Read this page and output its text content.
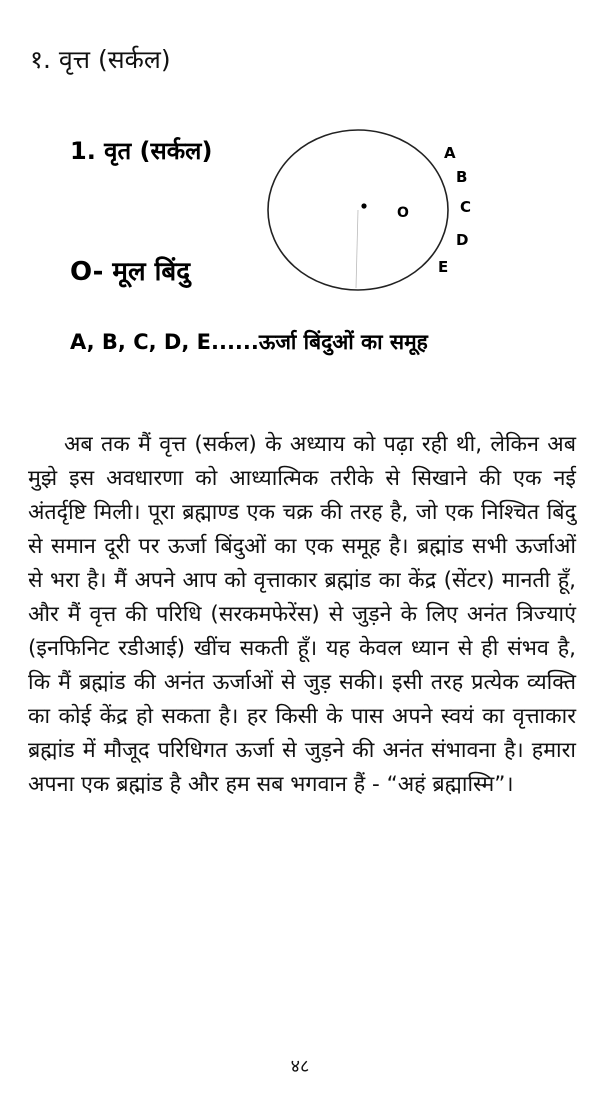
१. वृत्त (सर्कल)
1. वृत (सर्कल)
O- मूल बिंदु
A, B, C, D, E......ऊर्जा बिंदुओं का समूह
O
A
B
C
D
E

अब तक मैं वृत्त (सर्कल) के अध्याय को पढ़ा रही थी, लेकिन अब मुझे इस अवधारणा को आध्यात्मिक तरीके से सिखाने की एक नई अंतर्दृष्टि मिली। पूरा ब्रह्माण्ड एक चक्र की तरह है, जो एक निश्चित बिंदु से समान दूरी पर ऊर्जा बिंदुओं का एक समूह है। ब्रह्मांड सभी ऊर्जाओं से भरा है। मैं अपने आप को वृत्ताकार ब्रह्मांड का केंद्र (सेंटर) मानती हूँ, और मैं वृत्त की परिधि (सरकमफेरेंस) से जुड़ने के लिए अनंत त्रिज्याएं (इनफिनिट रडीआई) खींच सकती हूँ। यह केवल ध्यान से ही संभव है, कि मैं ब्रह्मांड की अनंत ऊर्जाओं से जुड़ सकी। इसी तरह प्रत्येक व्यक्ति का कोई केंद्र हो सकता है। हर किसी के पास अपने स्वयं का वृत्ताकार ब्रह्मांड में मौजूद परिधिगत ऊर्जा से जुड़ने की अनंत संभावना है। हमारा अपना एक ब्रह्मांड है और हम सब भगवान हैं - “अहं ब्रह्मास्मि”।

४८
